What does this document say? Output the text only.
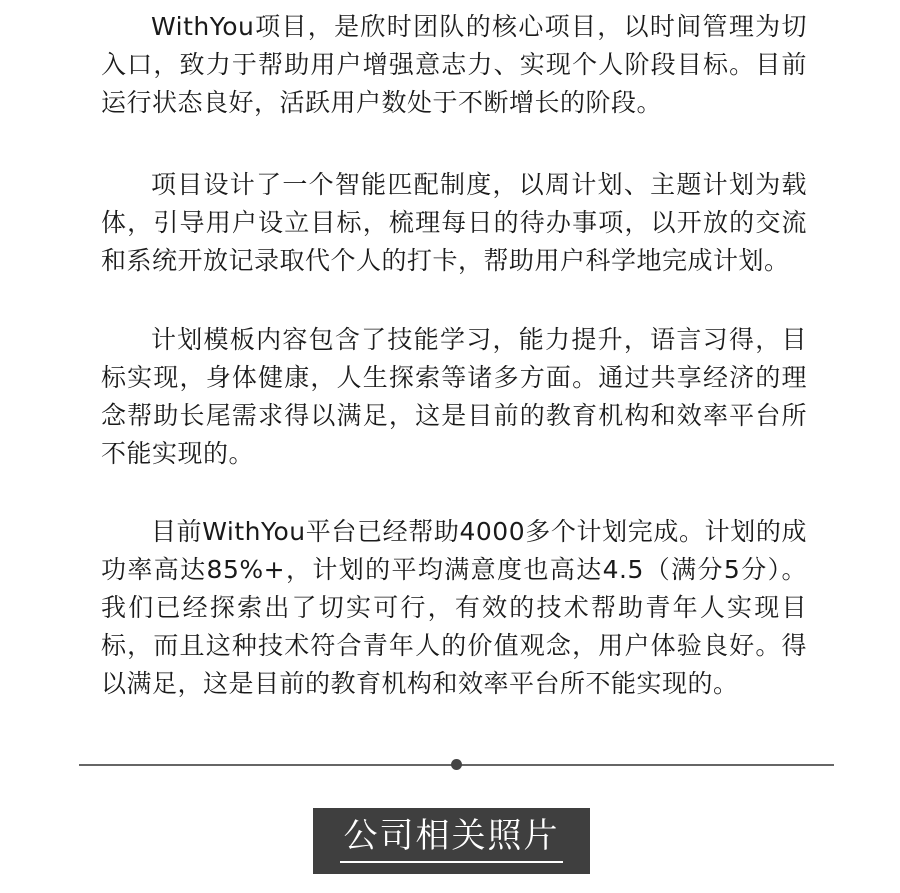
WithYou项目，是欣时团队的核心项目，以时间管理为切入口，致力于帮助用户增强意志力、实现个人阶段目标。目前运行状态良好，活跃用户数处于不断增长的阶段。

项目设计了一个智能匹配制度，以周计划、主题计划为载体，引导用户设立目标，梳理每日的待办事项，以开放的交流和系统开放记录取代个人的打卡，帮助用户科学地完成计划。

计划模板内容包含了技能学习，能力提升，语言习得，目标实现，身体健康，人生探索等诸多方面。通过共享经济的理念帮助长尾需求得以满足，这是目前的教育机构和效率平台所不能实现的。

目前WithYou平台已经帮助4000多个计划完成。计划的成功率高达85%+，计划的平均满意度也高达4.5（满分5分）。我们已经探索出了切实可行，有效的技术帮助青年人实现目标，而且这种技术符合青年人的价值观念，用户体验良好。得以满足，这是目前的教育机构和效率平台所不能实现的。

公司相关照片
